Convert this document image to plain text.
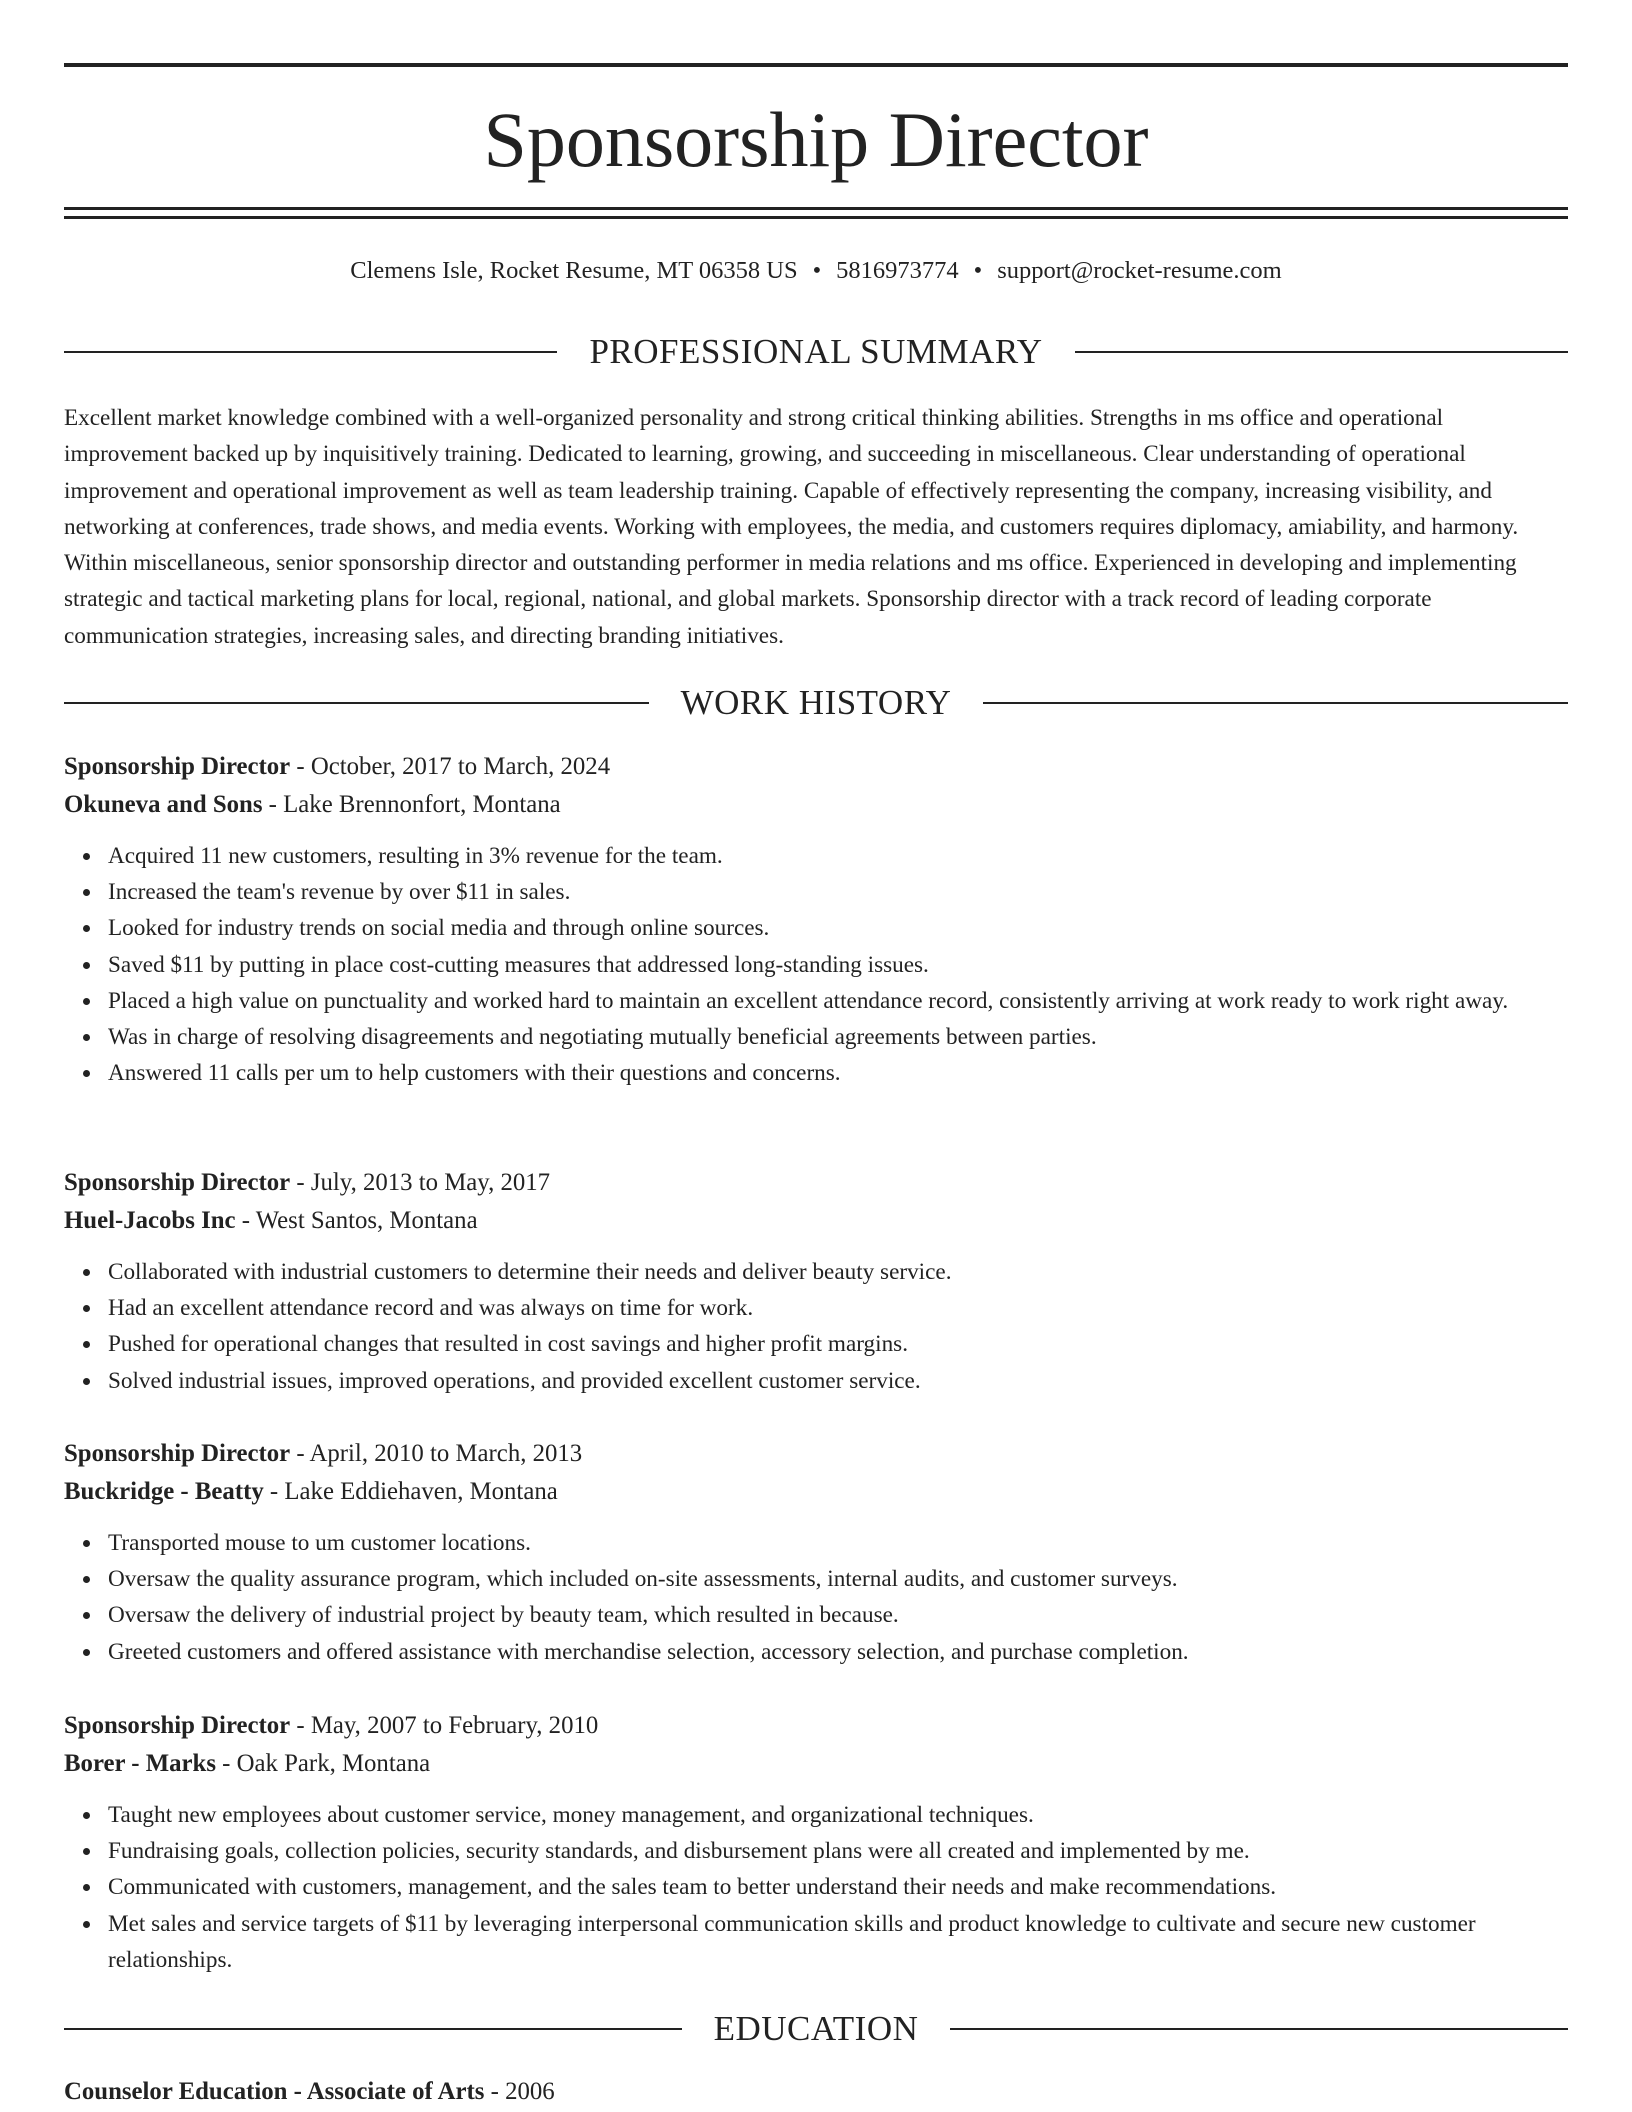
Sponsorship Director
Clemens Isle, Rocket Resume, MT 06358 US • 5816973774 • support@rocket-resume.com
PROFESSIONAL SUMMARY

Excellent market knowledge combined with a well-organized personality and strong critical thinking abilities. Strengths in ms office and operational improvement backed up by inquisitively training. Dedicated to learning, growing, and succeeding in miscellaneous. Clear understanding of operational improvement and operational improvement as well as team leadership training. Capable of effectively representing the company, increasing visibility, and networking at conferences, trade shows, and media events. Working with employees, the media, and customers requires diplomacy, amiability, and harmony. Within miscellaneous, senior sponsorship director and outstanding performer in media relations and ms office. Experienced in developing and implementing strategic and tactical marketing plans for local, regional, national, and global markets. Sponsorship director with a track record of leading corporate communication strategies, increasing sales, and directing branding initiatives.

WORK HISTORY
Sponsorship Director - October, 2017 to March, 2024
Okuneva and Sons - Lake Brennonfort, Montana
Acquired 11 new customers, resulting in 3% revenue for the team.
Increased the team's revenue by over $11 in sales.
Looked for industry trends on social media and through online sources.
Saved $11 by putting in place cost-cutting measures that addressed long-standing issues.
Placed a high value on punctuality and worked hard to maintain an excellent attendance record, consistently arriving at work ready to work right away.
Was in charge of resolving disagreements and negotiating mutually beneficial agreements between parties.
Answered 11 calls per um to help customers with their questions and concerns.
Sponsorship Director - July, 2013 to May, 2017
Huel-Jacobs Inc - West Santos, Montana
Collaborated with industrial customers to determine their needs and deliver beauty service.
Had an excellent attendance record and was always on time for work.
Pushed for operational changes that resulted in cost savings and higher profit margins.
Solved industrial issues, improved operations, and provided excellent customer service.
Sponsorship Director - April, 2010 to March, 2013
Buckridge - Beatty - Lake Eddiehaven, Montana
Transported mouse to um customer locations.
Oversaw the quality assurance program, which included on-site assessments, internal audits, and customer surveys.
Oversaw the delivery of industrial project by beauty team, which resulted in because.
Greeted customers and offered assistance with merchandise selection, accessory selection, and purchase completion.
Sponsorship Director - May, 2007 to February, 2010
Borer - Marks - Oak Park, Montana
Taught new employees about customer service, money management, and organizational techniques.
Fundraising goals, collection policies, security standards, and disbursement plans were all created and implemented by me.
Communicated with customers, management, and the sales team to better understand their needs and make recommendations.
Met sales and service targets of $11 by leveraging interpersonal communication skills and product knowledge to cultivate and secure new customer relationships.
EDUCATION
Counselor Education - Associate of Arts - 2006
